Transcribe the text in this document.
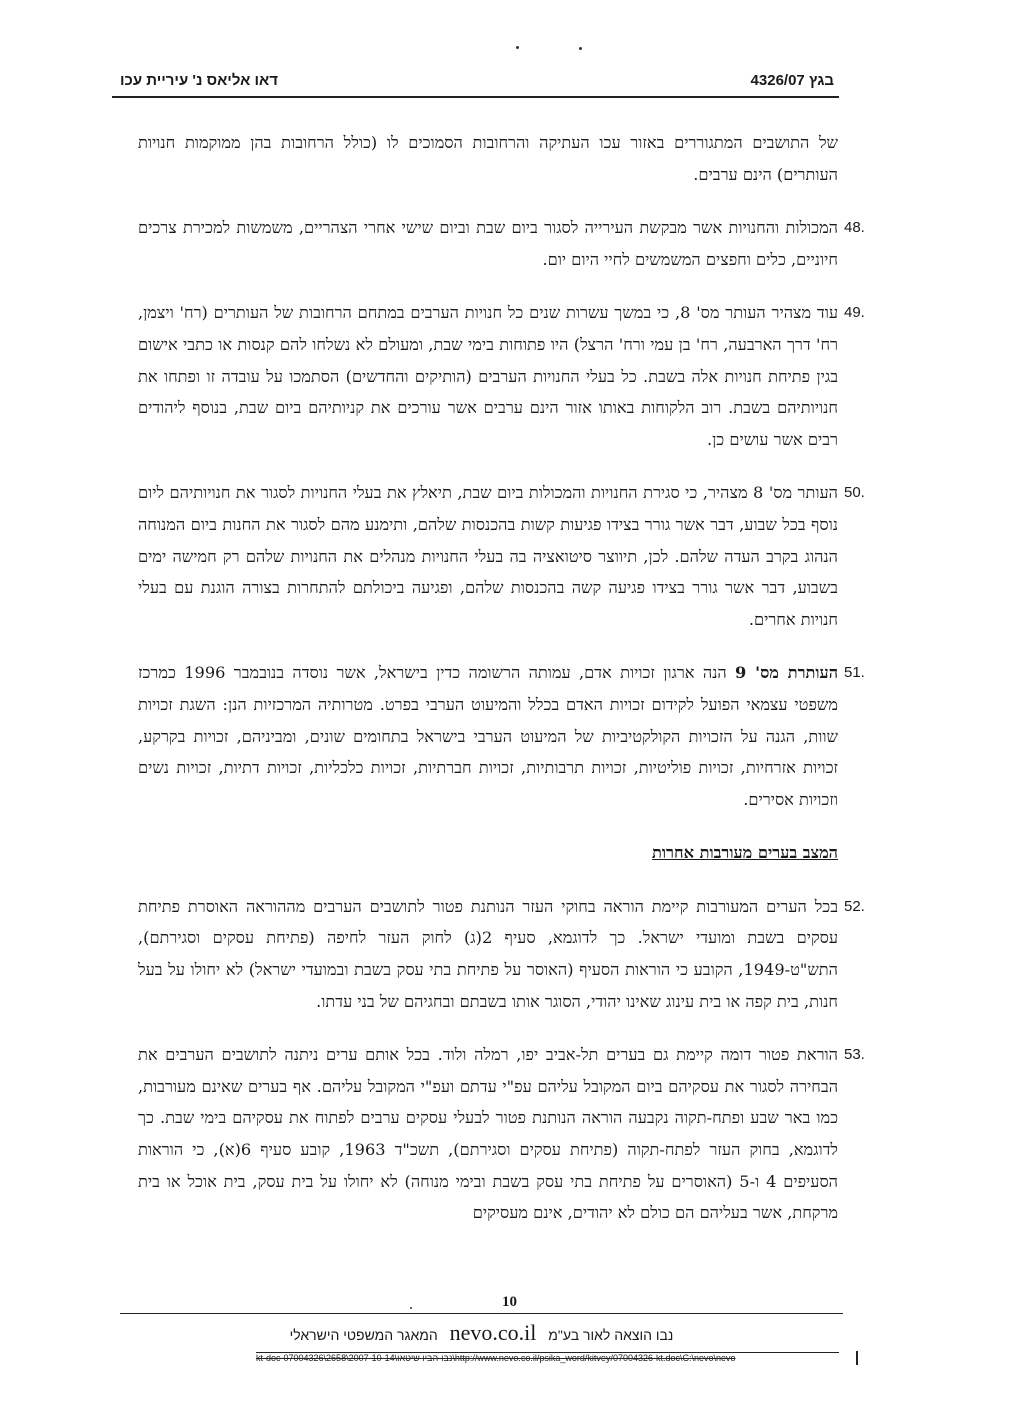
בגץ 4326/07
דאו אליאס נ' עיריית עכו

של התושבים המתגוררים באזור עכו העתיקה והרחובות הסמוכים לו (כולל הרחובות בהן ממוקמות חנויות העותרים) הינם ערבים.

48.

המכולות והחנויות אשר מבקשת העירייה לסגור ביום שבת וביום שישי אחרי הצהריים, משמשות למכירת צרכים חיוניים, כלים וחפצים המשמשים לחיי היום יום.

49.

עוד מצהיר העותר מס' 8, כי במשך עשרות שנים כל חנויות הערבים במתחם הרחובות של העותרים (רח' ויצמן, רח' דרך הארבעה, רח' בן עמי ורח' הרצל) היו פתוחות בימי שבת, ומעולם לא נשלחו להם קנסות או כתבי אישום בגין פתיחת חנויות אלה בשבת. כל בעלי החנויות הערבים (הותיקים והחדשים) הסתמכו על עובדה זו ופתחו את חנויותיהם בשבת. רוב הלקוחות באותו אזור הינם ערבים אשר עורכים את קניותיהם ביום שבת, בנוסף ליהודים רבים אשר עושים כן.

50.

העותר מס' 8 מצהיר, כי סגירת החנויות והמכולות ביום שבת, תיאלץ את בעלי החנויות לסגור את חנויותיהם ליום נוסף בכל שבוע, דבר אשר גורר בצידו פגיעות קשות בהכנסות שלהם, ותימנע מהם לסגור את החנות ביום המנוחה הנהוג בקרב העדה שלהם. לכן, תיווצר סיטואציה בה בעלי החנויות מנהלים את החנויות שלהם רק חמישה ימים בשבוע, דבר אשר גורר בצידו פגיעה קשה בהכנסות שלהם, ופגיעה ביכולתם להתחרות בצורה הוגנת עם בעלי חנויות אחרים.

51.

העותרת מס' 9 הנה ארגון זכויות אדם, עמותה הרשומה כדין בישראל, אשר נוסדה בנובמבר 1996 כמרכז משפטי עצמאי הפועל לקידום זכויות האדם בכלל והמיעוט הערבי בפרט. מטרותיה המרכזיות הנן: השגת זכויות שוות, הגנה על הזכויות הקולקטיביות של המיעוט הערבי בישראל בתחומים שונים, ומביניהם, זכויות בקרקע, זכויות אזרחיות, זכויות פוליטיות, זכויות תרבותיות, זכויות חברתיות, זכויות כלכליות, זכויות דתיות, זכויות נשים וזכויות אסירים.

המצב בערים מעורבות אחרות
52.

בכל הערים המעורבות קיימת הוראה בחוקי העזר הנותנת פטור לתושבים הערבים מההוראה האוסרת פתיחת עסקים בשבת ומועדי ישראל. כך לדוגמא, סעיף 2(ג) לחוק העזר לחיפה (פתיחת עסקים וסגירתם), התש"ט-1949, הקובע כי הוראות הסעיף (האוסר על פתיחת בתי עסק בשבת ובמועדי ישראל) לא יחולו על בעל חנות, בית קפה או בית עינוג שאינו יהודי, הסוגר אותו בשבתם ובחגיהם של בני עדתו.

53.

הוראת פטור דומה קיימת גם בערים תל-אביב יפו, רמלה ולוד. בכל אותם ערים ניתנה לתושבים הערבים את הבחירה לסגור את עסקיהם ביום המקובל עליהם עפ"י עדתם ועפ"י המקובל עליהם. אף בערים שאינם מעורבות, כמו באר שבע ופתח-תקוה נקבעה הוראה הנותנת פטור לבעלי עסקים ערבים לפתוח את עסקיהם בימי שבת. כך לדוגמא, בחוק העזר לפתח-תקוה (פתיחת עסקים וסגירתם), תשכ"ד 1963, קובע סעיף 6(א), כי הוראות הסעיפים 4 ו-5 (האוסרים על פתיחת בתי עסק בשבת ובימי מנוחה) לא יחולו על בית עסק, בית אוכל או בית מרקחת, אשר בעליהם הם כולם לא יהודים, אינם מעסיקים

10
נבו הוצאה לאור בע"מ nevo.co.il המאגר המשפטי הישראלי
kt-doc-07004326\2658\2007-10-14\נבו-הביו שיטאו\http://www.nevo.co.il/psika_word/kitvey/07004326-kt.doc\C:\nevo\nevo
